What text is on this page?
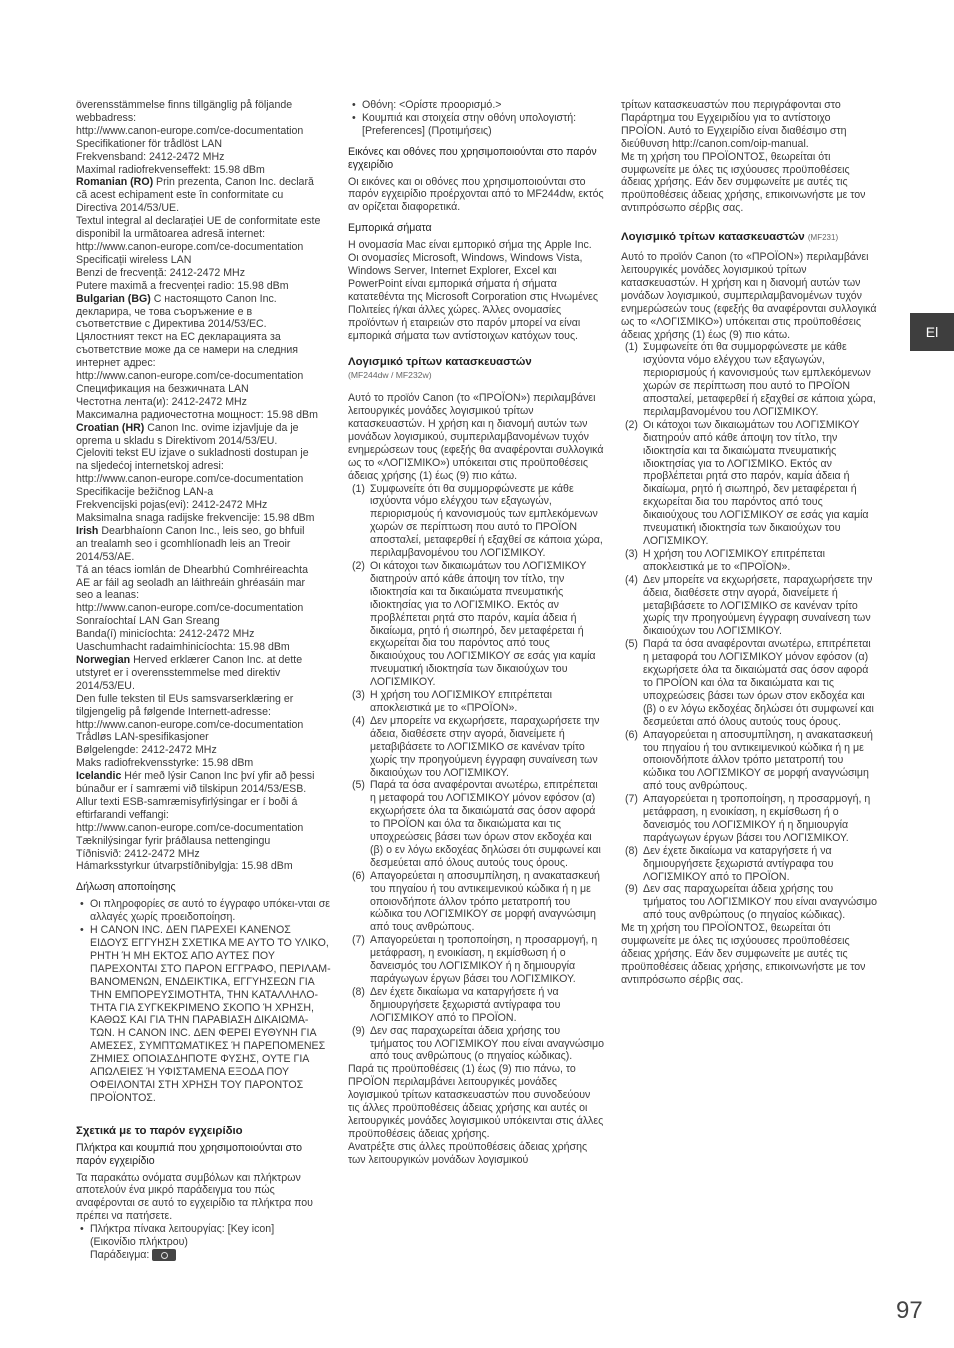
överensstämmelse finns tillgänglig på följande
webbadress:
http://www.canon-europe.com/ce-documentation
Specifikationer för trådlöst LAN
Frekvensband: 2412-2472 MHz
Maximal radiofrekvenseffekt: 15.98 dBm
Romanian (RO) Prin prezenta, Canon Inc. declară
că acest echipament este în conformitate cu
Directiva 2014/53/UE.
Textul integral al declarației UE de conformitate este
disponibil la următoarea adresă internet:
http://www.canon-europe.com/ce-documentation
Specificații wireless LAN
Benzi de frecvență: 2412-2472 MHz
Putere maximă a frecvenței radio: 15.98 dBm
Bulgarian (BG) С настоящото Canon Inc.
декларира, че това съоръжение е в
съответствие с Директива 2014/53/ЕС.
Цялостният текст на ЕС декларацията за
съответствие може да се намери на следния
интернет адрес:
http://www.canon-europe.com/ce-documentation
Спецификация на безжичната LAN
Честотна лента(и): 2412-2472 MHz
Максимална радиочестотна мощност: 15.98 dBm
Croatian (HR) Canon Inc. ovime izjavljuje da je
oprema u skladu s Direktivom 2014/53/EU.
Cjeloviti tekst EU izjave o sukladnosti dostupan je
na sljedećoj internetskoj adresi:
http://www.canon-europe.com/ce-documentation
Specifikacije bežičnog LAN-a
Frekvencijski pojas(evi): 2412-2472 MHz
Maksimalna snaga radijske frekvencije: 15.98 dBm
Irish Dearbhaíonn Canon Inc., leis seo, go bhfuil
an trealamh seo i gcomhlíonadh leis an Treoir
2014/53/AE.
Tá an téacs iomlán de Dhearbhú Comhréireachta
AE ar fáil ag seoladh an láithreáin ghréasáin mar
seo a leanas:
http://www.canon-europe.com/ce-documentation
Sonraíochtaí LAN Gan Sreang
Banda(í) minicíochta: 2412-2472 MHz
Uaschumhacht radaimhinicíochta: 15.98 dBm
Norwegian Herved erklærer Canon Inc. at dette
utstyret er i overensstemmelse med direktiv
2014/53/EU.
Den fulle teksten til EUs samsvarserklæring er
tilgjengelig på følgende Internett-adresse:
http://www.canon-europe.com/ce-documentation
Trådløs LAN-spesifikasjoner
Bølgelengde: 2412-2472 MHz
Maks radiofrekvensstyrke: 15.98 dBm
Icelandic Hér með lýsir Canon Inc því yfir að þessi
búnaður er í samræmi við tilskipun 2014/53/ESB.
Allur texti ESB-samræmisyfirlýsingar er í boði á
eftirfarandi veffangi:
http://www.canon-europe.com/ce-documentation
Tæknilýsingar fyrir þráðlausa nettengingu
Tíðnisvið: 2412-2472 MHz
Hámarksstyrkur útvarpstíðnibylgja: 15.98 dBm

Δήλωση αποποίησης

• Οι πληροφορίες σε αυτό το έγγραφο υπόκει-νται σε αλλαγές χωρίς προειδοποίηση.

• Η CANON INC. ΔΕΝ ΠΑΡΕΧΕΙ ΚΑΝΕΝΟΣ ΕΙΔΟΥΣ ΕΓΓΥΗΣΗ ΣΧΕΤΙΚΑ ΜΕ ΑΥΤΟ ΤΟ ΥΛΙΚΟ, ΡΗΤΗ Ή ΜΗ ΕΚΤΟΣ ΑΠΟ ΑΥΤΕΣ ΠΟΥ ΠΑΡΕΧΟΝΤΑΙ ΣΤΟ ΠΑΡΟΝ ΕΓΓΡΑΦΟ, ΠΕΡΙΛΑΜ-ΒΑΝΟΜΕΝΩΝ, ΕΝΔΕΙΚΤΙΚΑ, ΕΓΓΥΗΣΕΩΝ ΓΙΑ ΤΗΝ ΕΜΠΟΡΕΥΣΙΜΟΤΗΤΑ, ΤΗΝ ΚΑΤΑΛΛΗΛΟ-ΤΗΤΑ ΓΙΑ ΣΥΓΚΕΚΡΙΜΕΝΟ ΣΚΟΠΟ Ή ΧΡΗΣΗ, ΚΑΘΩΣ ΚΑΙ ΓΙΑ ΤΗΝ ΠΑΡΑΒΙΑΣΗ ΔΙΚΑΙΩΜΑ-ΤΩΝ. Η CANON INC. ΔΕΝ ΦΕΡΕΙ ΕΥΘΥΝΗ ΓΙΑ ΑΜΕΣΕΣ, ΣΥΜΠΤΩΜΑΤΙΚΕΣ Ή ΠΑΡΕΠΟΜΕΝΕΣ ΖΗΜΙΕΣ ΟΠΟΙΑΣΔΗΠΟΤΕ ΦΥΣΗΣ, ΟΥΤΕ ΓΙΑ ΑΠΩΛΕΙΕΣ Ή ΥΦΙΣΤΑΜΕΝΑ ΕΞΟΔΑ ΠΟΥ ΟΦΕΙΛΟΝΤΑΙ ΣΤΗ ΧΡΗΣΗ ΤΟΥ ΠΑΡΟΝΤΟΣ ΠΡΟΪΟΝΤΟΣ.

Σχετικά με το παρόν εγχειρίδιο

Πλήκτρα και κουμπιά που χρησιμοποιούνται στο παρόν εγχειρίδιο

Τα παρακάτω ονόματα συμβόλων και πλήκτρων αποτελούν ένα μικρό παράδειγμα του πώς αναφέρονται σε αυτό το εγχειρίδιο τα πλήκτρα που πρέπει να πατήσετε.

• Πλήκτρα πίνακα λειτουργίας: [Key icon]
(Εικονίδιο πλήκτρου)
Παράδειγμα:

• Οθόνη: <Ορίστε προορισμό.>

• Κουμπιά και στοιχεία στην οθόνη υπολογιστή: [Preferences] (Προτιμήσεις)

Εικόνες και οθόνες που χρησιμοποιούνται στο παρόν εγχειρίδιο

Οι εικόνες και οι οθόνες που χρησιμοποιούνται στο παρόν εγχειρίδιο προέρχονται από το MF244dw, εκτός αν ορίζεται διαφορετικά.

Εμπορικά σήματα

Η ονομασία Mac είναι εμπορικό σήμα της Apple Inc. Οι ονομασίες Microsoft, Windows, Windows Vista, Windows Server, Internet Explorer, Excel και PowerPoint είναι εμπορικά σήματα ή σήματα κατατεθέντα της Microsoft Corporation στις Ηνωμένες Πολιτείες ή/και άλλες χώρες. Άλλες ονομασίες προϊόντων ή εταιρειών στο παρόν μπορεί να είναι εμπορικά σήματα των αντίστοιχων κατόχων τους.

Λογισμικό τρίτων κατασκευαστών

(MF244dw / MF232w)

Αυτό το προϊόν Canon (το «ΠΡΟΪΟΝ») περιλαμβάνει λειτουργικές μονάδες λογισμικού τρίτων κατασκευαστών. Η χρήση και η διανομή αυτών των μονάδων λογισμικού, συμπεριλαμβανομένων τυχόν ενημερώσεων τους (εφεξής θα αναφέρονται συλλογικά ως το «ΛΟΓΙΣΜΙΚΟ») υπόκειται στις προϋποθέσεις άδειας χρήσης (1) έως (9) πιο κάτω.

(1) Συμφωνείτε ότι θα συμμορφώνεστε με κάθε ισχύοντα νόμο ελέγχου των εξαγωγών, περιορισμούς ή κανονισμούς των εμπλεκόμενων χωρών σε περίπτωση που αυτό το ΠΡΟΪΟΝ αποσταλεί, μεταφερθεί ή εξαχθεί σε κάποια χώρα, περιλαμβανομένου του ΛΟΓΙΣΜΙΚΟΥ.

(2) Οι κάτοχοι των δικαιωμάτων του ΛΟΓΙΣΜΙΚΟΥ διατηρούν από κάθε άποψη τον τίτλο, την ιδιοκτησία και τα δικαιώματα πνευματικής ιδιοκτησίας για το ΛΟΓΙΣΜΙΚΟ. Εκτός αν προβλέπεται ρητά στο παρόν, καμία άδεια ή δικαίωμα, ρητό ή σιωπηρό, δεν μεταφέρεται ή εκχωρείται δια του παρόντος από τους δικαιούχους του ΛΟΓΙΣΜΙΚΟΥ σε εσάς για καμία πνευματική ιδιοκτησία των δικαιούχων του ΛΟΓΙΣΜΙΚΟΥ.

(3) Η χρήση του ΛΟΓΙΣΜΙΚΟΥ επιτρέπεται αποκλειστικά με το «ΠΡΟΪΟΝ».

(4) Δεν μπορείτε να εκχωρήσετε, παραχωρήσετε την άδεια, διαθέσετε στην αγορά, διανείμετε ή μεταβιβάσετε το ΛΟΓΙΣΜΙΚΟ σε κανέναν τρίτο χωρίς την προηγούμενη έγγραφη συναίνεση των δικαιούχων του ΛΟΓΙΣΜΙΚΟΥ.

(5) Παρά τα όσα αναφέρονται ανωτέρω, επιτρέπεται η μεταφορά του ΛΟΓΙΣΜΙΚΟΥ μόνον εφόσον (α) εκχωρήσετε όλα τα δικαιώματά σας όσον αφορά το ΠΡΟΪΟΝ και όλα τα δικαιώματα και τις υποχρεώσεις βάσει των όρων στον εκδοχέα και (β) ο εν λόγω εκδοχέας δηλώσει ότι συμφωνεί και δεσμεύεται από όλους αυτούς τους όρους.

(6) Απαγορεύεται η αποσυμπίληση, η ανακατασκευή του πηγαίου ή του αντικειμενικού κώδικα ή η με οποιονδήποτε άλλον τρόπο μετατροπή του κώδικα του ΛΟΓΙΣΜΙΚΟΥ σε μορφή αναγνώσιμη από τους ανθρώπους.

(7) Απαγορεύεται η τροποποίηση, η προσαρμογή, η μετάφραση, η ενοικίαση, η εκμίσθωση ή ο δανεισμός του ΛΟΓΙΣΜΙΚΟΥ ή η δημιουργία παράγωγων έργων βάσει του ΛΟΓΙΣΜΙΚΟΥ.

(8) Δεν έχετε δικαίωμα να καταργήσετε ή να δημιουργήσετε ξεχωριστά αντίγραφα του ΛΟΓΙΣΜΙΚΟΥ από το ΠΡΟΪΟΝ.

(9) Δεν σας παραχωρείται άδεια χρήσης του τμήματος του ΛΟΓΙΣΜΙΚΟΥ που είναι αναγνώσιμο από τους ανθρώπους (ο πηγαίος κώδικας).

Παρά τις προϋποθέσεις (1) έως (9) πιο πάνω, το ΠΡΟΪΟΝ περιλαμβάνει λειτουργικές μονάδες λογισμικού τρίτων κατασκευαστών που συνοδεύουν τις άλλες προϋποθέσεις άδειας χρήσης και αυτές οι λειτουργικές μονάδες λογισμικού υπόκεινται στις άλλες προϋποθέσεις άδειας χρήσης.

Ανατρέξτε στις άλλες προϋποθέσεις άδειας χρήσης των λειτουργικών μονάδων λογισμικού

τρίτων κατασκευαστών που περιγράφονται στο Παράρτημα του Εγχειριδίου για το αντίστοιχο ΠΡΟΪΟΝ. Αυτό το Εγχειρίδιο είναι διαθέσιμο στη διεύθυνση http://canon.com/oip-manual.

Με τη χρήση του ΠΡΟΪΟΝΤΟΣ, θεωρείται ότι συμφωνείτε με όλες τις ισχύουσες προϋποθέσεις άδειας χρήσης. Εάν δεν συμφωνείτε με αυτές τις προϋποθέσεις άδειας χρήσης, επικοινωνήστε με τον αντιπρόσωπο σέρβις σας.

Λογισμικό τρίτων κατασκευαστών (MF231)

Αυτό το προϊόν Canon (το «ΠΡΟΪΟΝ») περιλαμβάνει λειτουργικές μονάδες λογισμικού τρίτων κατασκευαστών. Η χρήση και η διανομή αυτών των μονάδων λογισμικού, συμπεριλαμβανομένων τυχόν ενημερώσεών τους (εφεξής θα αναφέρονται συλλογικά ως το «ΛΟΓΙΣΜΙΚΟ») υπόκειται στις προϋποθέσεις άδειας χρήσης (1) έως (9) πιο κάτω.

(1) Συμφωνείτε ότι θα συμμορφώνεστε με κάθε ισχύοντα νόμο ελέγχου των εξαγωγών, περιορισμούς ή κανονισμούς των εμπλεκόμενων χωρών σε περίπτωση που αυτό το ΠΡΟΪΟΝ αποσταλεί, μεταφερθεί ή εξαχθεί σε κάποια χώρα, περιλαμβανομένου του ΛΟΓΙΣΜΙΚΟΥ.

(2) Οι κάτοχοι των δικαιωμάτων του ΛΟΓΙΣΜΙΚΟΥ διατηρούν από κάθε άποψη τον τίτλο, την ιδιοκτησία και τα δικαιώματα πνευματικής ιδιοκτησίας για το ΛΟΓΙΣΜΙΚΟ. Εκτός αν προβλέπεται ρητά στο παρόν, καμία άδεια ή δικαίωμα, ρητό ή σιωπηρό, δεν μεταφέρεται ή εκχωρείται δια του παρόντος από τους δικαιούχους του ΛΟΓΙΣΜΙΚΟΥ σε εσάς για καμία πνευματική ιδιοκτησία των δικαιούχων του ΛΟΓΙΣΜΙΚΟΥ.

(3) Η χρήση του ΛΟΓΙΣΜΙΚΟΥ επιτρέπεται αποκλειστικά με το «ΠΡΟΪΟΝ».

(4) Δεν μπορείτε να εκχωρήσετε, παραχωρήσετε την άδεια, διαθέσετε στην αγορά, διανείμετε ή μεταβιβάσετε το ΛΟΓΙΣΜΙΚΟ σε κανέναν τρίτο χωρίς την προηγούμενη έγγραφη συναίνεση των δικαιούχων του ΛΟΓΙΣΜΙΚΟΥ.

(5) Παρά τα όσα αναφέρονται ανωτέρω, επιτρέπεται η μεταφορά του ΛΟΓΙΣΜΙΚΟΥ μόνον εφόσον (α) εκχωρήσετε όλα τα δικαιώματά σας όσον αφορά το ΠΡΟΪΟΝ και όλα τα δικαιώματα και τις υποχρεώσεις βάσει των όρων στον εκδοχέα και (β) ο εν λόγω εκδοχέας δηλώσει ότι συμφωνεί και δεσμεύεται από όλους αυτούς τους όρους.

(6) Απαγορεύεται η αποσυμπίληση, η ανακατασκευή του πηγαίου ή του αντικειμενικού κώδικα ή η με οποιονδήποτε άλλον τρόπο μετατροπή του κώδικα του ΛΟΓΙΣΜΙΚΟΥ σε μορφή αναγνώσιμη από τους ανθρώπους.

(7) Απαγορεύεται η τροποποίηση, η προσαρμογή, η μετάφραση, η ενοικίαση, η εκμίσθωση ή ο δανεισμός του ΛΟΓΙΣΜΙΚΟΥ ή η δημιουργία παράγωγων έργων βάσει του ΛΟΓΙΣΜΙΚΟΥ.

(8) Δεν έχετε δικαίωμα να καταργήσετε ή να δημιουργήσετε ξεχωριστά αντίγραφα του ΛΟΓΙΣΜΙΚΟΥ από το ΠΡΟΪΟΝ.

(9) Δεν σας παραχωρείται άδεια χρήσης του τμήματος του ΛΟΓΙΣΜΙΚΟΥ που είναι αναγνώσιμο από τους ανθρώπους (ο πηγαίος κώδικας).

Με τη χρήση του ΠΡΟΪΟΝΤΟΣ, θεωρείται ότι συμφωνείτε με όλες τις ισχύουσες προϋποθέσεις άδειας χρήσης. Εάν δεν συμφωνείτε με αυτές τις προϋποθέσεις άδειας χρήσης, επικοινωνήστε με τον αντιπρόσωπο σέρβις σας.

El
97
